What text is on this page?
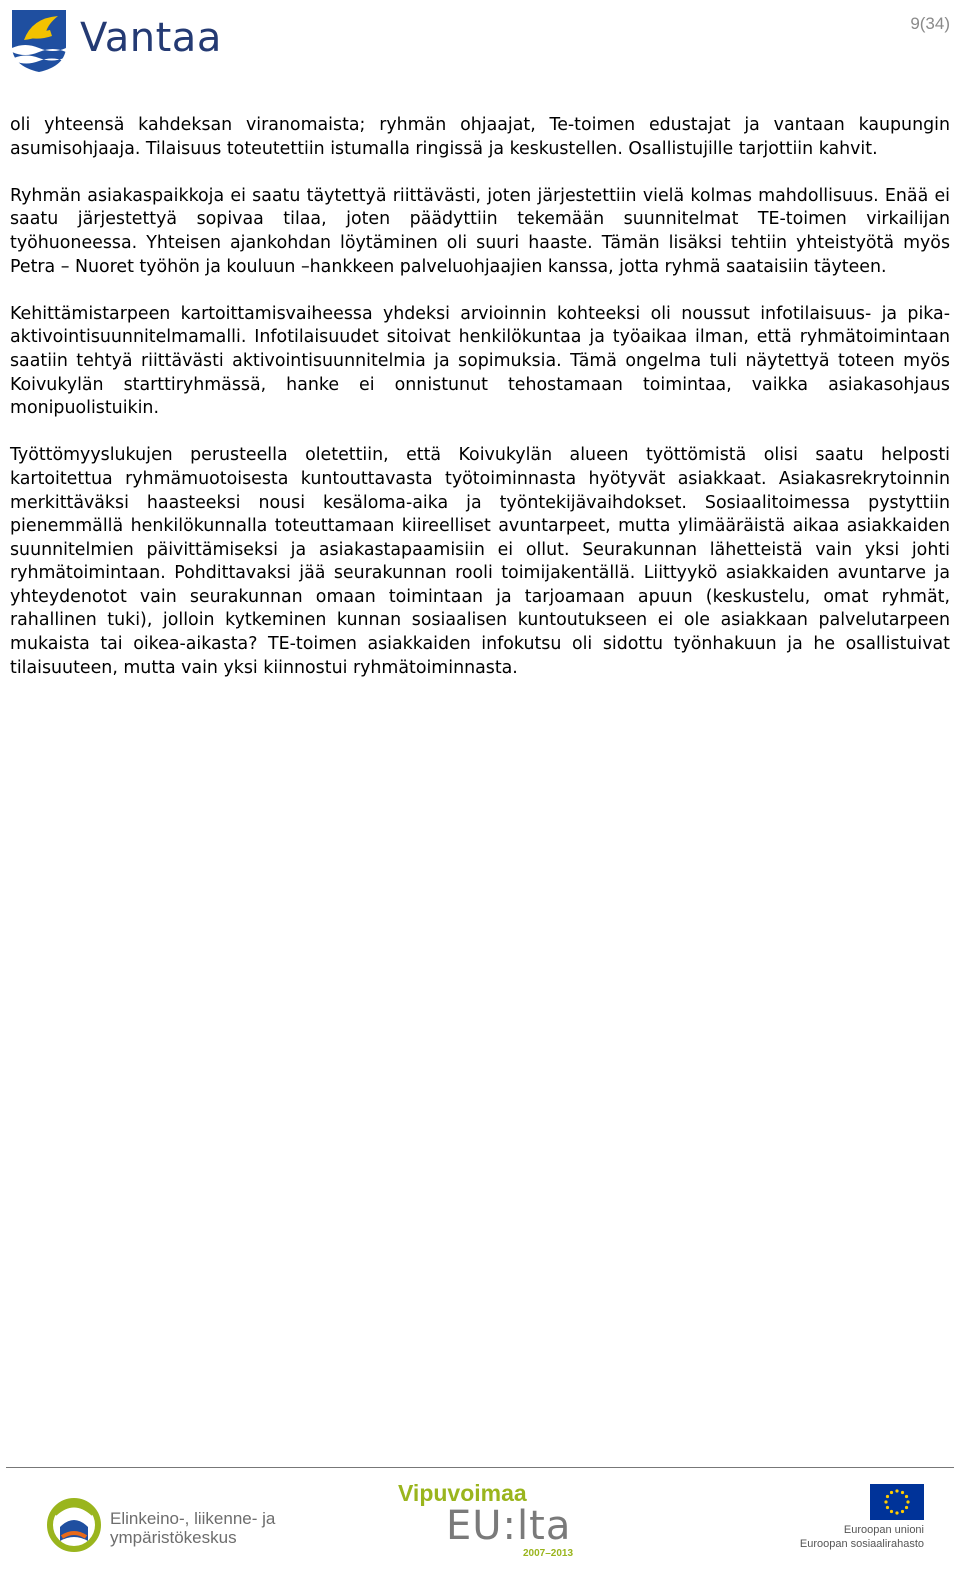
Vantaa	9(34)

oli yhteensä kahdeksan viranomaista; ryhmän ohjaajat, Te-toimen edustajat ja vantaan kaupungin asumisohjaaja. Tilaisuus toteutettiin istumalla ringissä ja keskustellen. Osallistujille tarjottiin kahvit.

Ryhmän asiakaspaikkoja ei saatu täytettyä riittävästi, joten järjestettiin vielä kolmas mahdollisuus. Enää ei saatu järjestettyä sopivaa tilaa, joten päädyttiin tekemään suunnitelmat TE-toimen virkailijan työhuoneessa. Yhteisen ajankohdan löytäminen oli suuri haaste. Tämän lisäksi tehtiin yhteistyötä myös Petra – Nuoret työhön ja kouluun –hankkeen palveluohjaajien kanssa, jotta ryhmä saataisiin täyteen.

Kehittämistarpeen kartoittamisvaiheessa yhdeksi arvioinnin kohteeksi oli noussut infotilaisuus- ja pika-aktivointisuunnitelmamalli. Infotilaisuudet sitoivat henkilökuntaa ja työaikaa ilman, että ryhmätoimintaan saatiin tehtyä riittävästi aktivointisuunnitelmia ja sopimuksia. Tämä ongelma tuli näytettyä toteen myös Koivukylän starttiryhmässä, hanke ei onnistunut tehostamaan toimintaa, vaikka asiakasohjaus monipuolistuikin.

Työttömyyslukujen perusteella oletettiin, että Koivukylän alueen työttömistä olisi saatu helposti kartoitettua ryhmämuotoisesta kuntouttavasta työtoiminnasta hyötyvät asiakkaat. Asiakasrekrytoinnin merkittäväksi haasteeksi nousi kesäloma-aika ja työntekijävaihdokset. Sosiaalitoimessa pystyttiin pienemmällä henkilökunnalla toteuttamaan kiireelliset avuntarpeet, mutta ylimääräistä aikaa asiakkaiden suunnitelmien päivittämiseksi ja asiakastapaamisiin ei ollut. Seurakunnan lähetteistä vain yksi johti ryhmätoimintaan. Pohdittavaksi jää seurakunnan rooli toimijakentällä. Liittyykö asiakkaiden avuntarve ja yhteydenotot vain seurakunnan omaan toimintaan ja tarjoamaan apuun (keskustelu, omat ryhmät, rahallinen tuki), jolloin kytkeminen kunnan sosiaalisen kuntoutukseen ei ole asiakkaan palvelutarpeen mukaista tai oikea-aikasta? TE-toimen asiakkaiden infokutsu oli sidottu työnhakuun ja he osallistuivat tilaisuuteen, mutta vain yksi kiinnostui ryhmätoiminnasta.

Elinkeino-, liikenne- ja
ympäristökeskus
Vipuvoimaa
EU:lta
2007–2013
Euroopan unioni
Euroopan sosiaalirahasto
